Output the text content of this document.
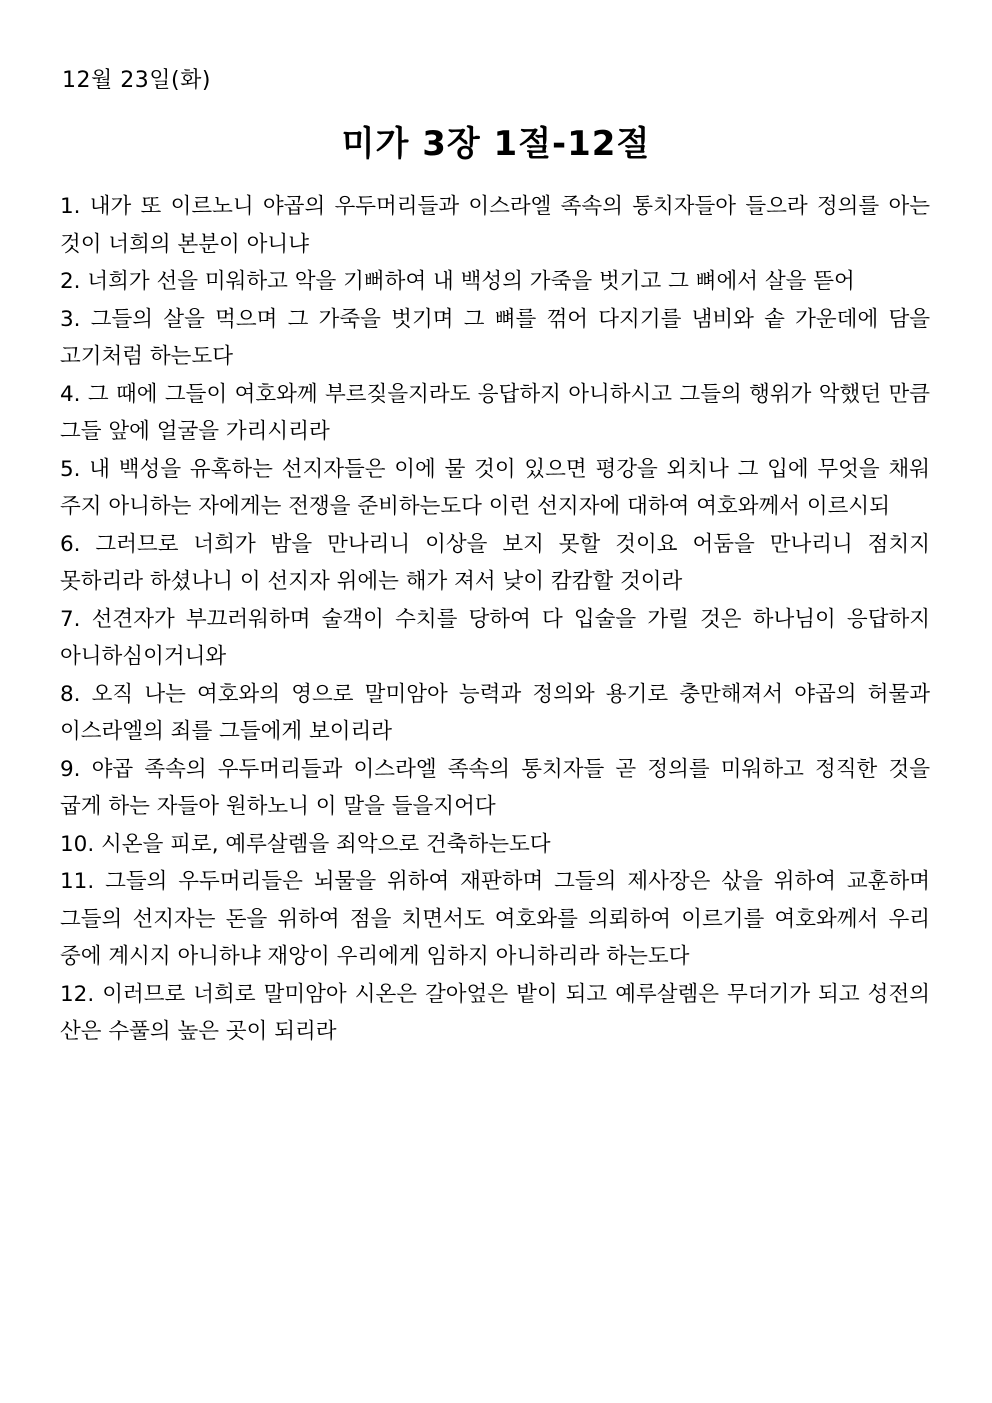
12월 23일(화)
미가 3장 1절-12절

1. 내가 또 이르노니 야곱의 우두머리들과 이스라엘 족속의 통치자들아 들으라 정의를 아는 것이 너희의 본분이 아니냐

2. 너희가 선을 미워하고 악을 기뻐하여 내 백성의 가죽을 벗기고 그 뼈에서 살을 뜯어

3. 그들의 살을 먹으며 그 가죽을 벗기며 그 뼈를 꺾어 다지기를 냄비와 솥 가운데에 담을 고기처럼 하는도다

4. 그 때에 그들이 여호와께 부르짖을지라도 응답하지 아니하시고 그들의 행위가 악했던 만큼 그들 앞에 얼굴을 가리시리라

5. 내 백성을 유혹하는 선지자들은 이에 물 것이 있으면 평강을 외치나 그 입에 무엇을 채워 주지 아니하는 자에게는 전쟁을 준비하는도다 이런 선지자에 대하여 여호와께서 이르시되

6. 그러므로 너희가 밤을 만나리니 이상을 보지 못할 것이요 어둠을 만나리니 점치지 못하리라 하셨나니 이 선지자 위에는 해가 져서 낮이 캄캄할 것이라

7. 선견자가 부끄러워하며 술객이 수치를 당하여 다 입술을 가릴 것은 하나님이 응답하지 아니하심이거니와

8. 오직 나는 여호와의 영으로 말미암아 능력과 정의와 용기로 충만해져서 야곱의 허물과 이스라엘의 죄를 그들에게 보이리라

9. 야곱 족속의 우두머리들과 이스라엘 족속의 통치자들 곧 정의를 미워하고 정직한 것을 굽게 하는 자들아 원하노니 이 말을 들을지어다

10. 시온을 피로, 예루살렘을 죄악으로 건축하는도다

11. 그들의 우두머리들은 뇌물을 위하여 재판하며 그들의 제사장은 삯을 위하여 교훈하며 그들의 선지자는 돈을 위하여 점을 치면서도 여호와를 의뢰하여 이르기를 여호와께서 우리 중에 계시지 아니하냐 재앙이 우리에게 임하지 아니하리라 하는도다

12. 이러므로 너희로 말미암아 시온은 갈아엎은 밭이 되고 예루살렘은 무더기가 되고 성전의 산은 수풀의 높은 곳이 되리라
